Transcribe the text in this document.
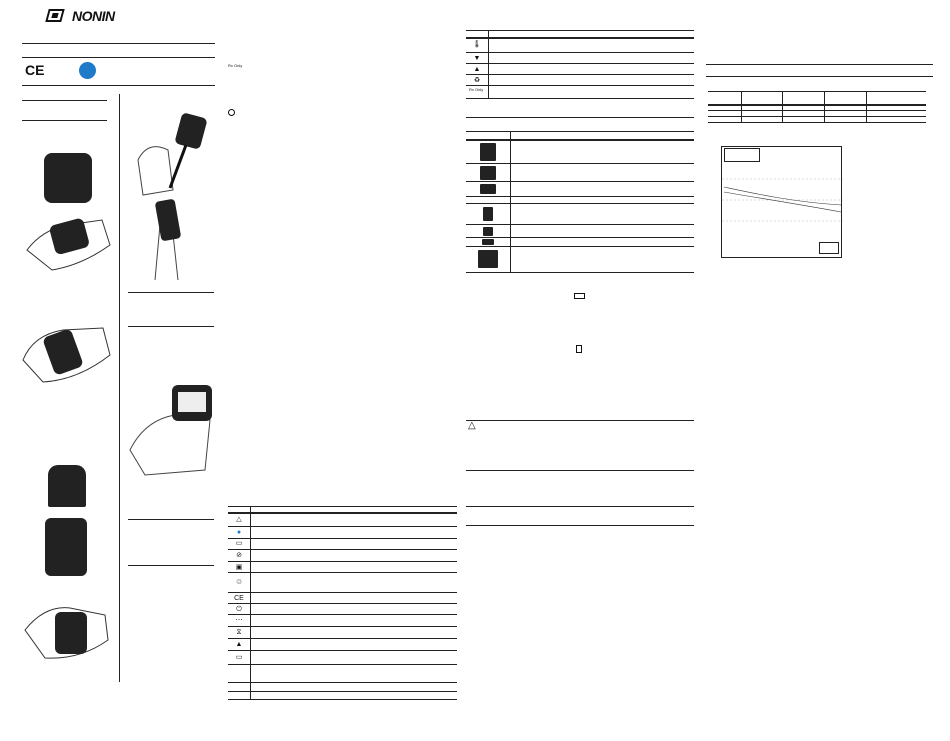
NONIN
CE	Rx Only
△
●
▭
⊘
▣
♲
CE
⏻
⋯
⧖
▲
▭
🌡
▼
▲
♻
Rx Only
△
